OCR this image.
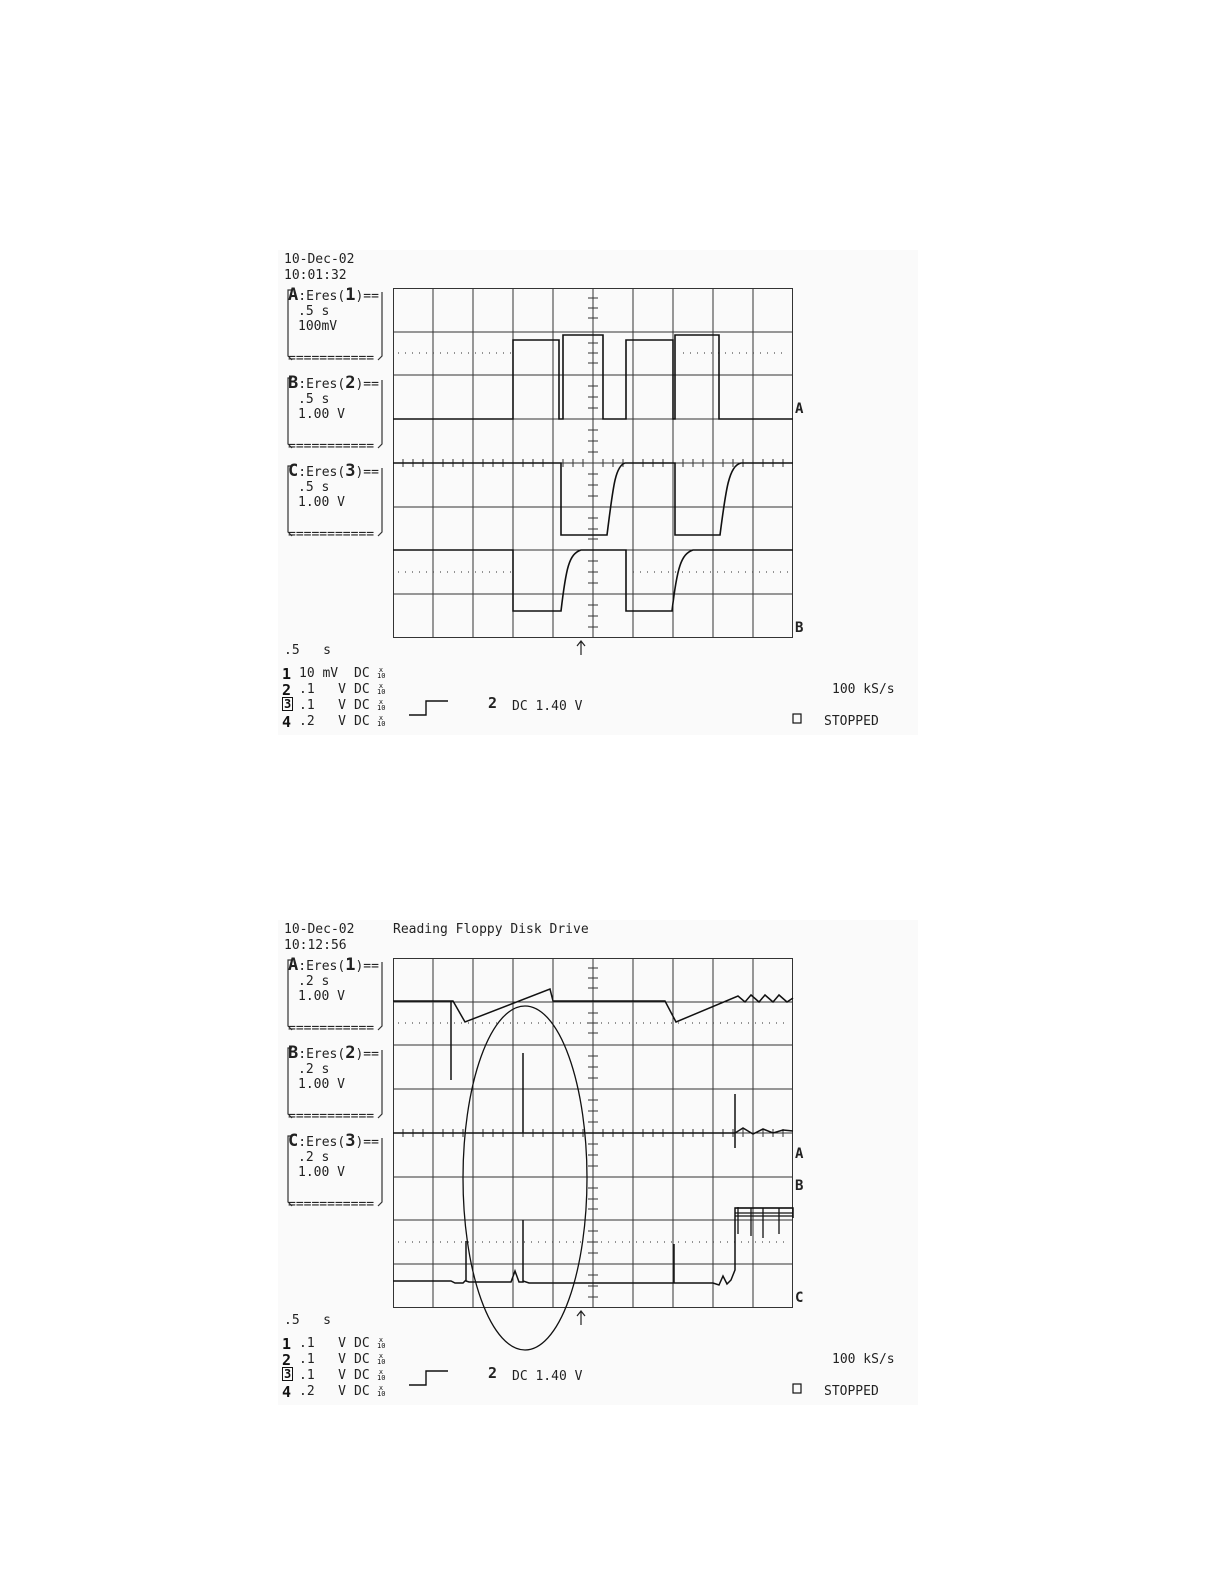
10-Dec-02
10:01:32
A:Eres(1)==
.5 s
100mV
===========
B:Eres(2)==
.5 s
1.00 V
===========
C:Eres(3)==
.5 s
1.00 V
===========
A
B
.5   s
1 10 mV DC x
10
2 .1   V DC x
10
3 .1   V DC x
10
4 .2   V DC x
10
2 DC 1.40 V
100 kS/s
STOPPED
10-Dec-02	Reading Floppy Disk Drive
10:12:56
A:Eres(1)==
.2 s
1.00 V
===========
B:Eres(2)==
.2 s
1.00 V
===========
C:Eres(3)==
.2 s
1.00 V
===========
A
B
C
.5   s
1 .1   V DC x
10
2 .1   V DC x
10
3 .1   V DC x
10
4 .2   V DC x
10
2 DC 1.40 V
100 kS/s
STOPPED
